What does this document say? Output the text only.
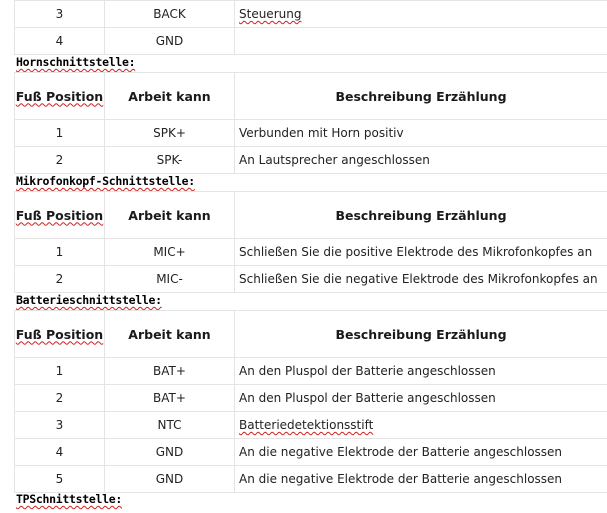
3	BACK	Steuerung
4	GND	
Hornschnittstelle:
Fuß Position	Arbeit kann	Beschreibung Erzählung
1	SPK+	Verbunden mit Horn positiv
2	SPK-	An Lautsprecher angeschlossen
Mikrofonkopf-Schnittstelle:
Fuß Position	Arbeit kann	Beschreibung Erzählung
1	MIC+	Schließen Sie die positive Elektrode des Mikrofonkopfes an
2	MIC-	Schließen Sie die negative Elektrode des Mikrofonkopfes an
Batterieschnittstelle:
Fuß Position	Arbeit kann	Beschreibung Erzählung
1	BAT+	An den Pluspol der Batterie angeschlossen
2	BAT+	An den Pluspol der Batterie angeschlossen
3	NTC	Batteriedetektionsstift
4	GND	An die negative Elektrode der Batterie angeschlossen
5	GND	An die negative Elektrode der Batterie angeschlossen
TPSchnittstelle:
